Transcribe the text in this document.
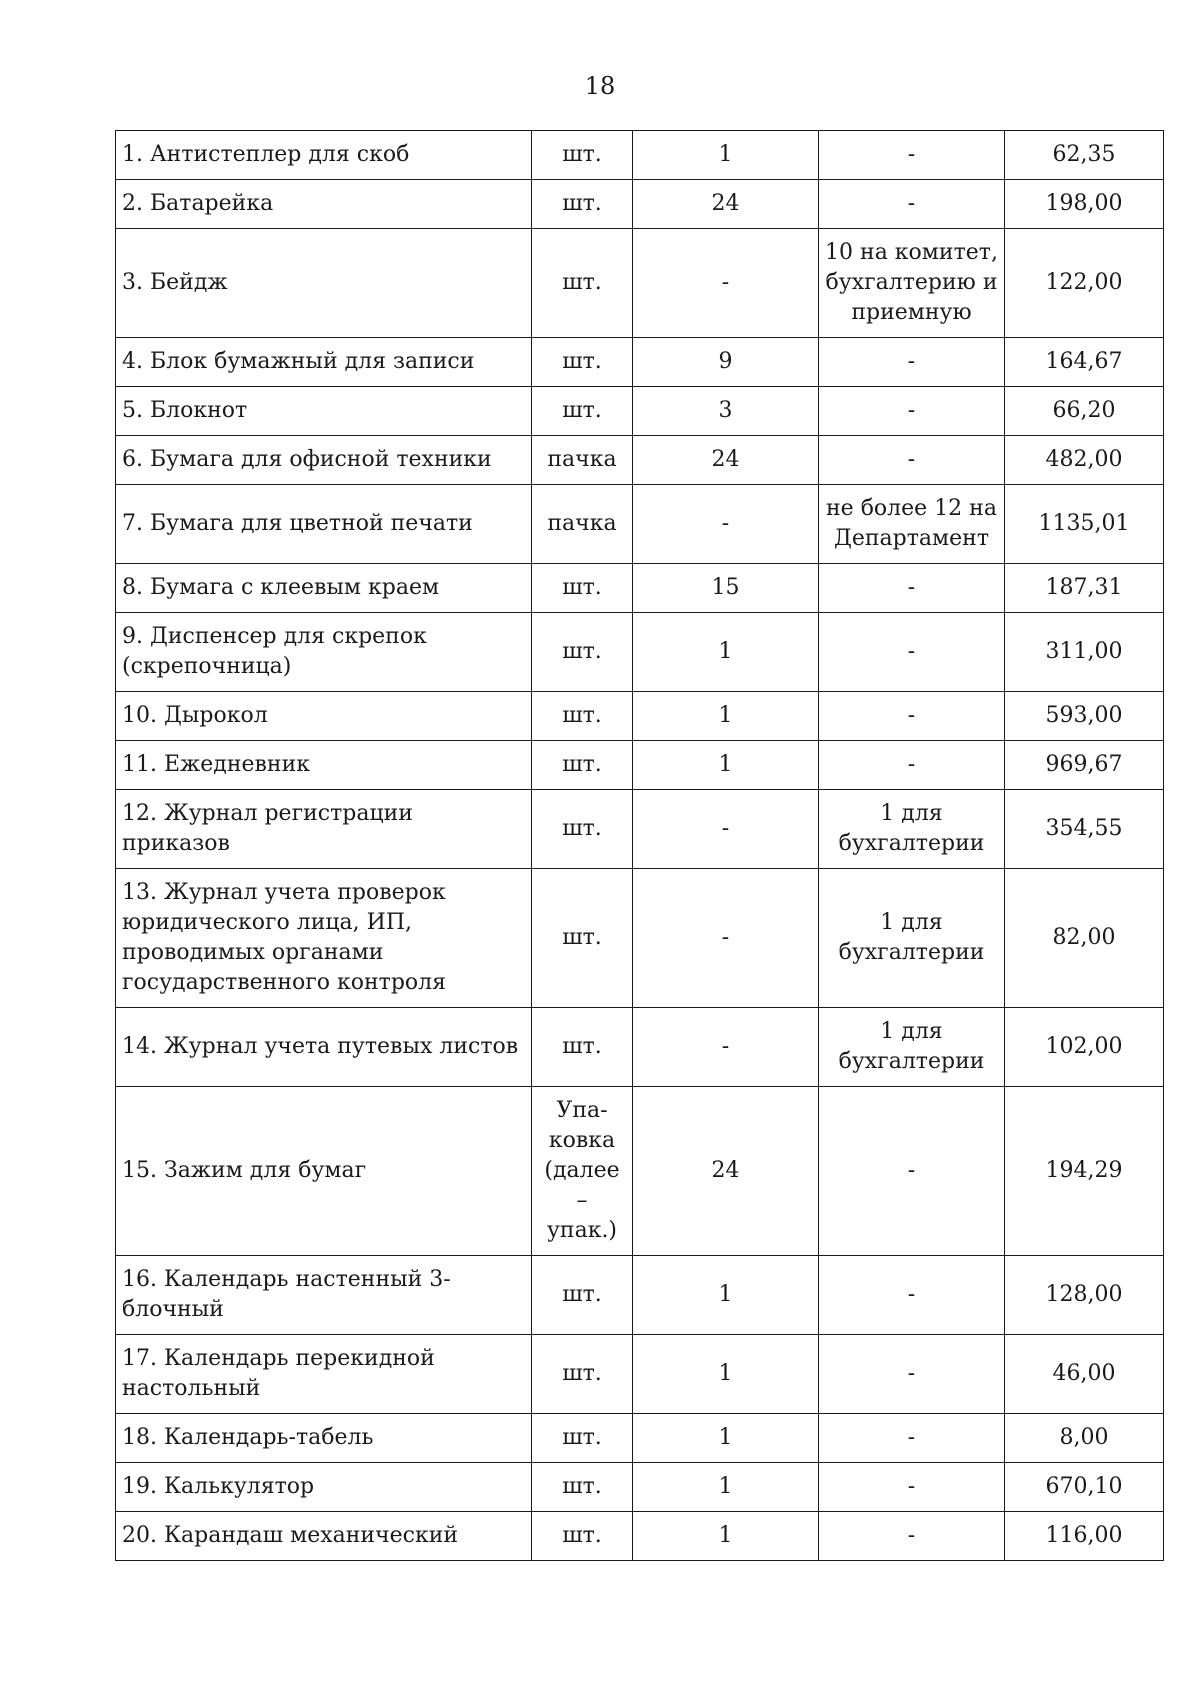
18
1. Антистеплер для скоб	шт.	1	-	62,35
2. Батарейка	шт.	24	-	198,00
3. Бейдж	шт.	-	10 на комитет, бухгалтерию и приемную	122,00
4. Блок бумажный для записи	шт.	9	-	164,67
5. Блокнот	шт.	3	-	66,20
6. Бумага для офисной техники	пачка	24	-	482,00
7. Бумага для цветной печати	пачка	-	не более 12 на Департамент	1135,01
8. Бумага с клеевым краем	шт.	15	-	187,31
9. Диспенсер для скрепок (скрепочница)	шт.	1	-	311,00
10. Дырокол	шт.	1	-	593,00
11. Ежедневник	шт.	1	-	969,67
12. Журнал регистрации приказов	шт.	-	1 для бухгалтерии	354,55
13. Журнал учета проверок юридического лица, ИП, проводимых органами государственного контроля	шт.	-	1 для бухгалтерии	82,00
14. Журнал учета путевых листов	шт.	-	1 для бухгалтерии	102,00
15. Зажим для бумаг	Упа-ковка (далее – упак.)	24	-	194,29
16. Календарь настенный 3-блочный	шт.	1	-	128,00
17. Календарь перекидной настольный	шт.	1	-	46,00
18. Календарь-табель	шт.	1	-	8,00
19. Калькулятор	шт.	1	-	670,10
20. Карандаш механический	шт.	1	-	116,00
